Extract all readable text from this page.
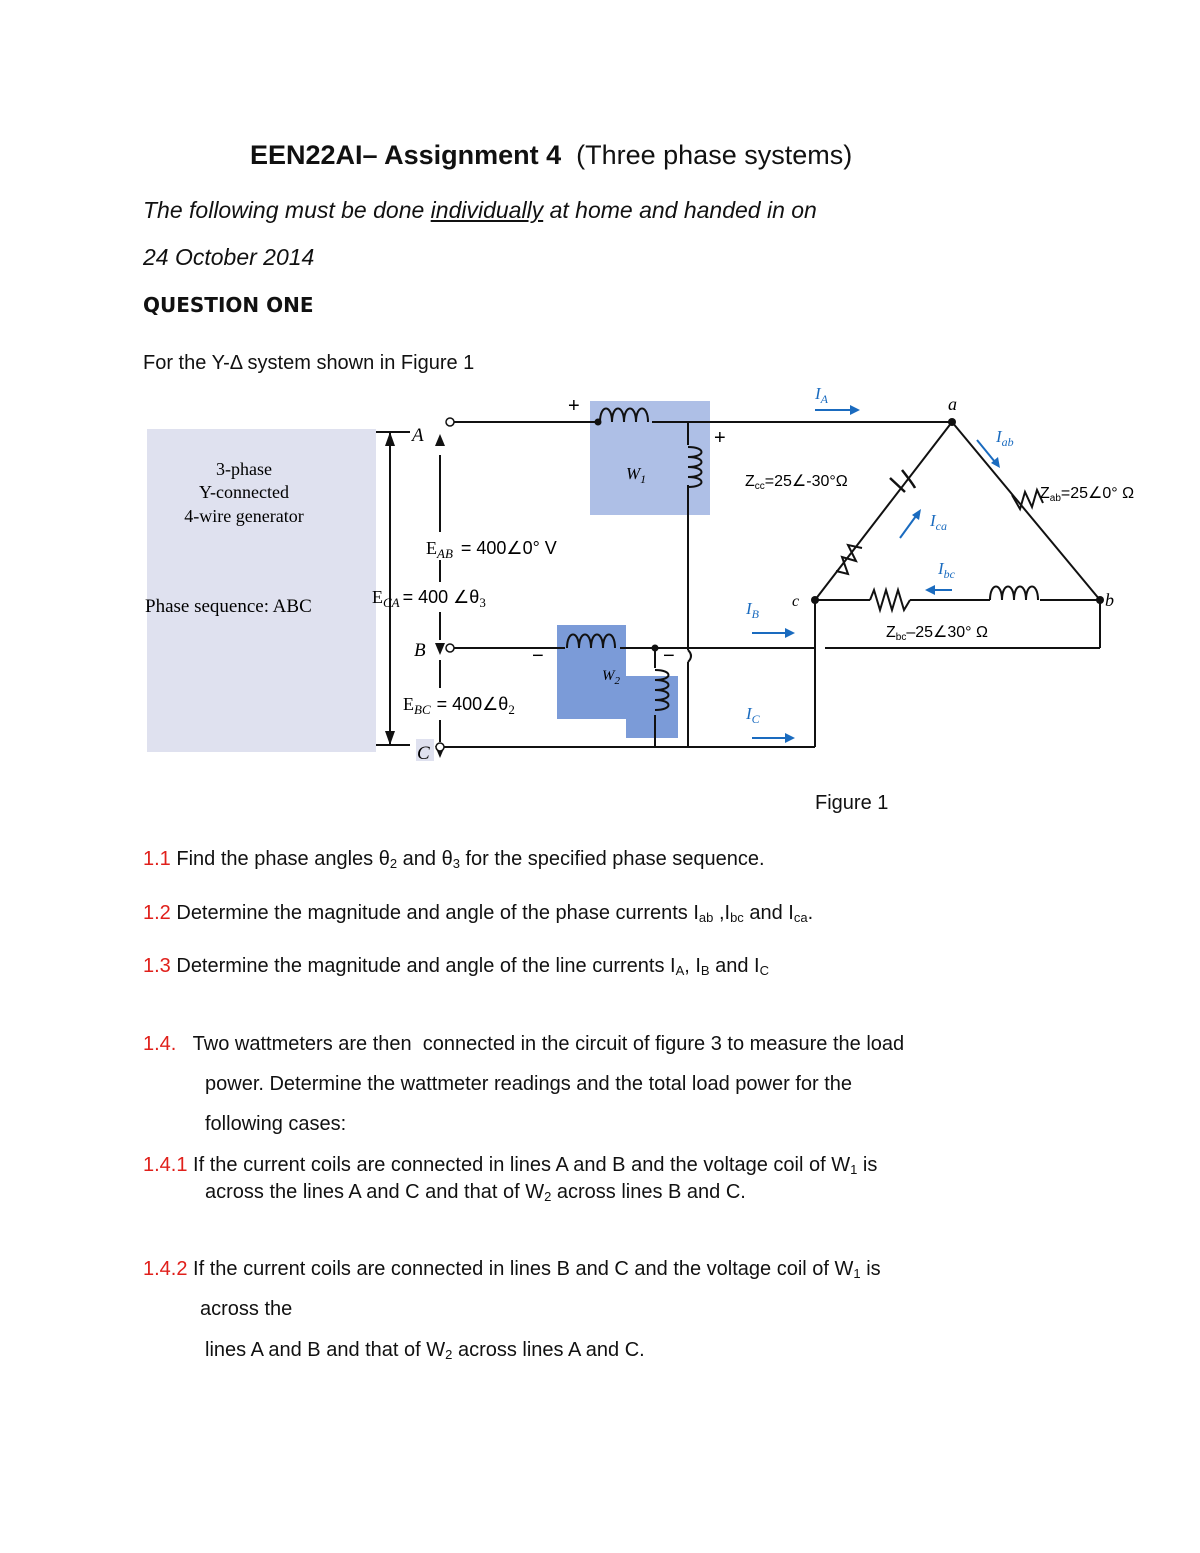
EEN22AI– Assignment 4 (Three phase systems)
The following must be done individually at home and handed in on
24 October 2014
QUESTION ONE
For the Y-Δ system shown in Figure 1
3-phase
Y-connected
4-wire generator
Phase sequence: ABC
A
B
C
$E_{AB}$ = 400∠0° V
$E_{CA} = 400$ $\angle\theta_3$
$E_{BC}$ = $400\angle\theta_2$
+
+
−	−
$W_1$
$W_2$
a
b
c
$I_A$
$I_B$
$I_C$
$I_{ab}$
$I_{ca}$
$I_{bc}$
Zcc=25∠-30°Ω
Zab=25∠0° Ω
Zbc–25∠30° Ω
Figure 1
1.1 Find the phase angles $\theta_2$ and $\theta_3$ for the specified phase sequence.
1.2 Determine the magnitude and angle of the phase currents $I_{ab}$ $,I_{bc}$ and $I_{ca}$.
1.3 Determine the magnitude and angle of the line currents $I_A$, $I_B$ and $I_C$
1.4.   Two wattmeters are then  connected in the circuit of figure 3 to measure the load
power. Determine the wattmeter readings and the total load power for the
following cases:
1.4.1 If the current coils are connected in lines A and B and the voltage coil of $W_1$ is
across the lines A and C and that of $W_2$ across lines B and C.
1.4.2 If the current coils are connected in lines B and C and the voltage coil of $W_1$ is
across the
lines A and B and that of $W_2$ across lines A and C.
